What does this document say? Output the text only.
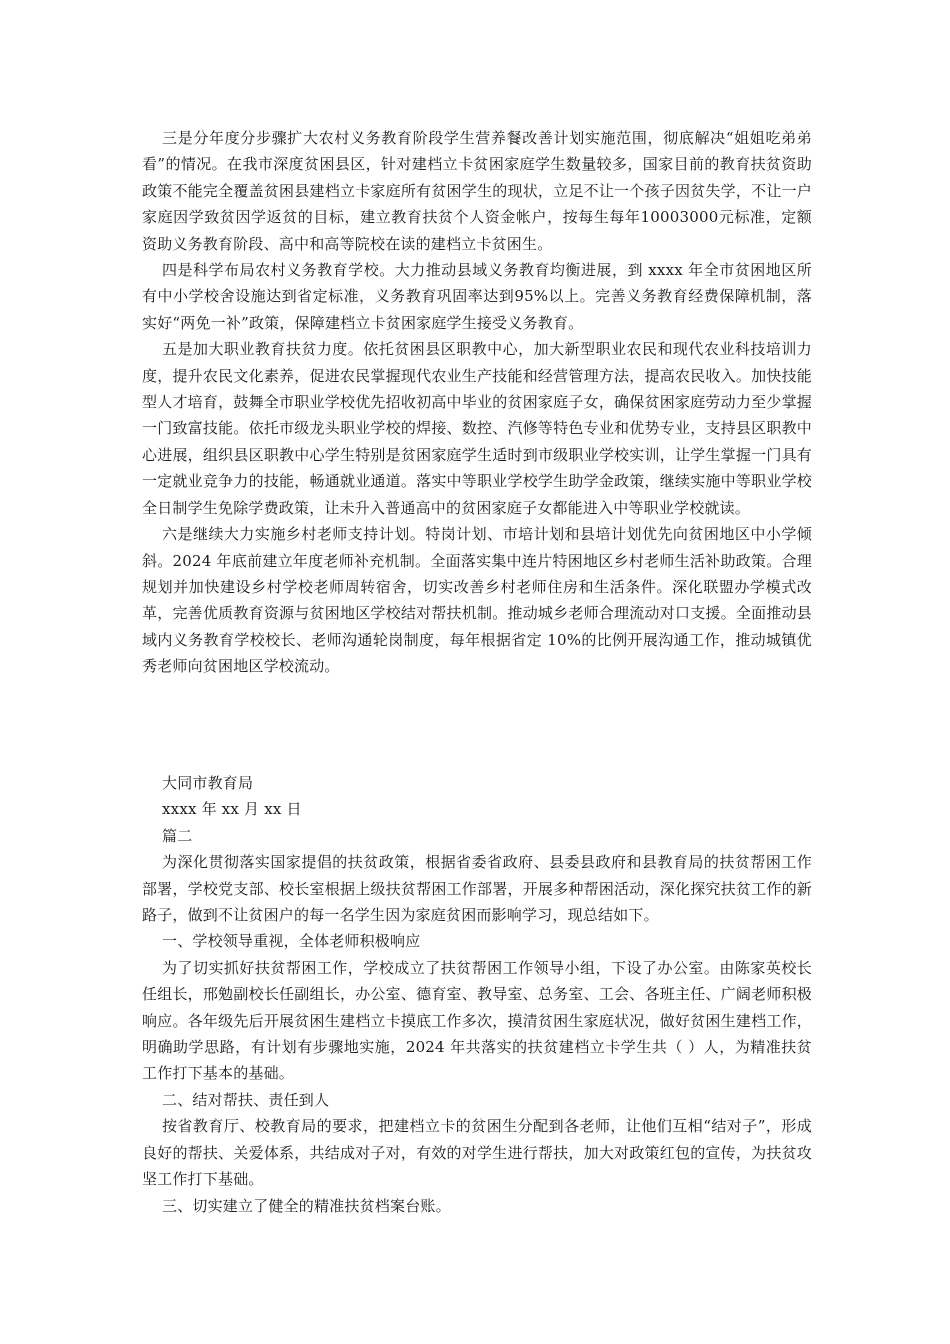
三是分年度分步骤扩大农村义务教育阶段学生营养餐改善计划实施范围，彻底解决“姐姐吃弟弟看”的情况。在我市深度贫困县区，针对建档立卡贫困家庭学生数量较多，国家目前的教育扶贫资助政策不能完全覆盖贫困县建档立卡家庭所有贫困学生的现状，立足不让一个孩子因贫失学，不让一户家庭因学致贫因学返贫的目标，建立教育扶贫个人资金帐户，按每生每年10003000元标准，定额资助义务教育阶段、高中和高等院校在读的建档立卡贫困生。

四是科学布局农村义务教育学校。大力推动县域义务教育均衡进展，到 xxxx 年全市贫困地区所有中小学校舍设施达到省定标准，义务教育巩固率达到95%以上。完善义务教育经费保障机制，落实好“两免一补”政策，保障建档立卡贫困家庭学生接受义务教育。

五是加大职业教育扶贫力度。依托贫困县区职教中心，加大新型职业农民和现代农业科技培训力度，提升农民文化素养，促进农民掌握现代农业生产技能和经营管理方法，提高农民收入。加快技能型人才培育，鼓舞全市职业学校优先招收初高中毕业的贫困家庭子女，确保贫困家庭劳动力至少掌握一门致富技能。依托市级龙头职业学校的焊接、数控、汽修等特色专业和优势专业，支持县区职教中心进展，组织县区职教中心学生特别是贫困家庭学生适时到市级职业学校实训，让学生掌握一门具有一定就业竞争力的技能，畅通就业通道。落实中等职业学校学生助学金政策，继续实施中等职业学校全日制学生免除学费政策，让未升入普通高中的贫困家庭子女都能进入中等职业学校就读。

六是继续大力实施乡村老师支持计划。特岗计划、市培计划和县培计划优先向贫困地区中小学倾斜。2024 年底前建立年度老师补充机制。全面落实集中连片特困地区乡村老师生活补助政策。合理规划并加快建设乡村学校老师周转宿舍，切实改善乡村老师住房和生活条件。深化联盟办学模式改革，完善优质教育资源与贫困地区学校结对帮扶机制。推动城乡老师合理流动对口支援。全面推动县域内义务教育学校校长、老师沟通轮岗制度，每年根据省定 10%的比例开展沟通工作，推动城镇优秀老师向贫困地区学校流动。

大同市教育局

xxxx 年 xx 月 xx 日

篇二

为深化贯彻落实国家提倡的扶贫政策，根据省委省政府、县委县政府和县教育局的扶贫帮困工作部署，学校党支部、校长室根据上级扶贫帮困工作部署，开展多种帮困活动，深化探究扶贫工作的新路子，做到不让贫困户的每一名学生因为家庭贫困而影响学习，现总结如下。

一、学校领导重视，全体老师积极响应

为了切实抓好扶贫帮困工作，学校成立了扶贫帮困工作领导小组，下设了办公室。由陈家英校长任组长，邢勉副校长任副组长，办公室、德育室、教导室、总务室、工会、各班主任、广阔老师积极响应。各年级先后开展贫困生建档立卡摸底工作多次，摸清贫困生家庭状况，做好贫困生建档工作，明确助学思路，有计划有步骤地实施，2024 年共落实的扶贫建档立卡学生共（ ）人，为精准扶贫工作打下基本的基础。

二、结对帮扶、责任到人

按省教育厅、校教育局的要求，把建档立卡的贫困生分配到各老师，让他们互相“结对子”，形成良好的帮扶、关爱体系，共结成对子对，有效的对学生进行帮扶，加大对政策红包的宣传，为扶贫攻坚工作打下基础。

三、切实建立了健全的精准扶贫档案台账。
